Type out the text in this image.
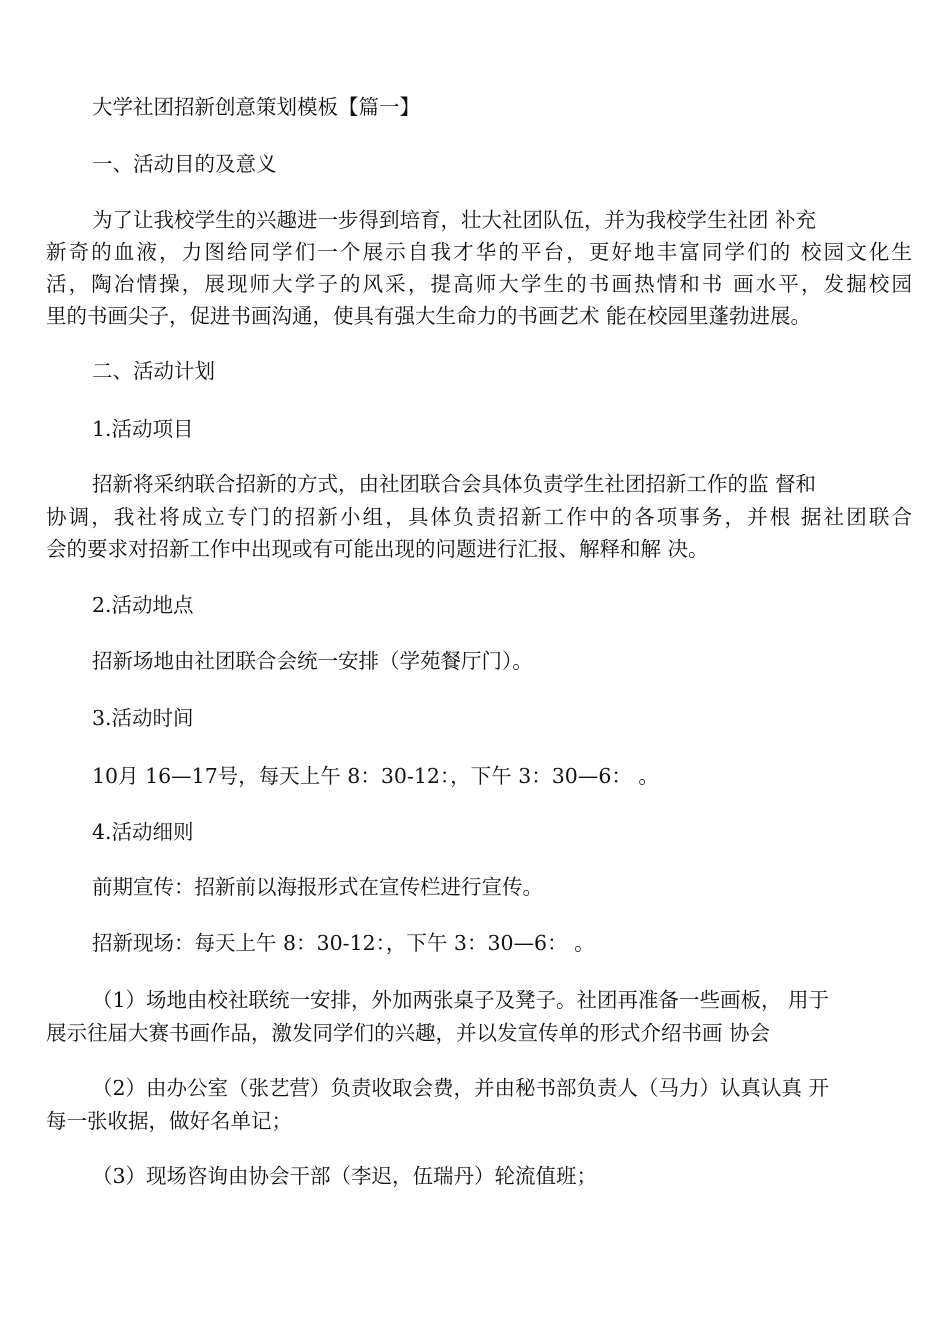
大学社团招新创意策划模板【篇一】
一、活动目的及意义
为了让我校学生的兴趣进一步得到培育，壮大社团队伍，并为我校学生社团 补充
新奇的血液，力图给同学们一个展示自我才华的平台，更好地丰富同学们的 校园文化生
活，陶冶情操，展现师大学子的风采，提高师大学生的书画热情和书 画水平，发掘校园
里的书画尖子，促进书画沟通，使具有强大生命力的书画艺术 能在校园里蓬勃进展。
二、活动计划
1.活动项目
招新将采纳联合招新的方式，由社团联合会具体负责学生社团招新工作的监 督和
协调，我社将成立专门的招新小组，具体负责招新工作中的各项事务，并根 据社团联合
会的要求对招新工作中出现或有可能出现的问题进行汇报、解释和解 决。
2.活动地点
招新场地由社团联合会统一安排（学苑餐厅门）。
3.活动时间
10月 16—17号，每天上午 8：30-12：，下午 3：30—6： 。
4.活动细则
前期宣传：招新前以海报形式在宣传栏进行宣传。
招新现场：每天上午 8：30-12：，下午 3：30—6： 。
（1）场地由校社联统一安排，外加两张桌子及凳子。社团再准备一些画板， 用于
展示往届大赛书画作品，激发同学们的兴趣，并以发宣传单的形式介绍书画 协会
（2）由办公室（张艺营）负责收取会费，并由秘书部负责人（马力）认真认真 开
每一张收据，做好名单记；
（3）现场咨询由协会干部（李迟，伍瑞丹）轮流值班；
